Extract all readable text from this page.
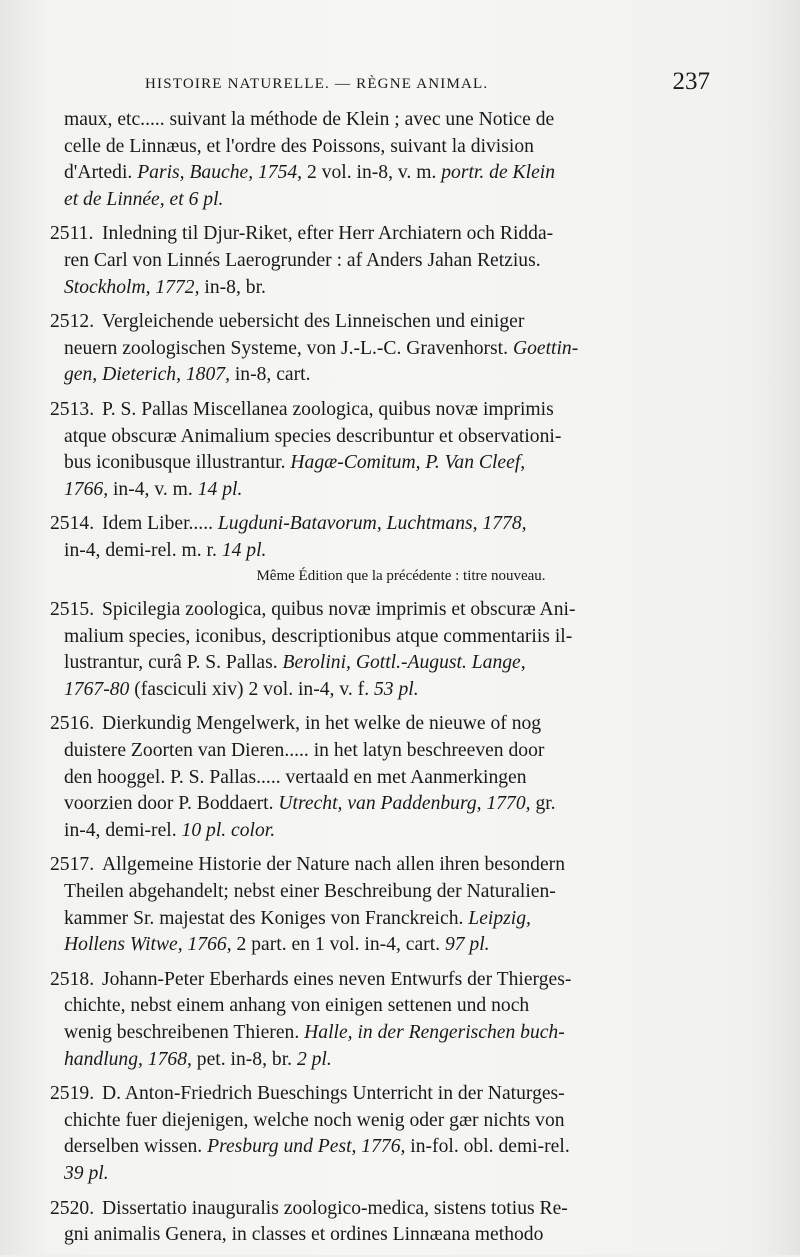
HISTOIRE NATURELLE. — RÈGNE ANIMAL.	237
maux, etc..... suivant la méthode de Klein ; avec une Notice de
celle de Linnæus, et l'ordre des Poissons, suivant la division
d'Artedi. Paris, Bauche, 1754, 2 vol. in-8, v. m. portr. de Klein
et de Linnée, et 6 pl.
2511. Inledning til Djur-Riket, efter Herr Archiatern och Ridda-
ren Carl von Linnés Laerogrunder : af Anders Jahan Retzius.
Stockholm, 1772, in-8, br.
2512. Vergleichende uebersicht des Linneischen und einiger
neuern zoologischen Systeme, von J.-L.-C. Gravenhorst. Goettin-
gen, Dieterich, 1807, in-8, cart.
2513. P. S. Pallas Miscellanea zoologica, quibus novæ imprimis
atque obscuræ Animalium species describuntur et observationi-
bus iconibusque illustrantur. Hagæ-Comitum, P. Van Cleef,
1766, in-4, v. m. 14 pl.
2514. Idem Liber..... Lugduni-Batavorum, Luchtmans, 1778,
in-4, demi-rel. m. r. 14 pl.
Même Édition que la précédente : titre nouveau.
2515. Spicilegia zoologica, quibus novæ imprimis et obscuræ Ani-
malium species, iconibus, descriptionibus atque commentariis il-
lustrantur, curâ P. S. Pallas. Berolini, Gottl.-August. Lange,
1767-80 (fasciculi xiv) 2 vol. in-4, v. f. 53 pl.
2516. Dierkundig Mengelwerk, in het welke de nieuwe of nog
duistere Zoorten van Dieren..... in het latyn beschreeven door
den hooggel. P. S. Pallas..... vertaald en met Aanmerkingen
voorzien door P. Boddaert. Utrecht, van Paddenburg, 1770, gr.
in-4, demi-rel. 10 pl. color.
2517. Allgemeine Historie der Nature nach allen ihren besondern
Theilen abgehandelt; nebst einer Beschreibung der Naturalien-
kammer Sr. majestat des Koniges von Franckreich. Leipzig,
Hollens Witwe, 1766, 2 part. en 1 vol. in-4, cart. 97 pl.
2518. Johann-Peter Eberhards eines neven Entwurfs der Thierges-
chichte, nebst einem anhang von einigen settenen und noch
wenig beschreibenen Thieren. Halle, in der Rengerischen buch-
handlung, 1768, pet. in-8, br. 2 pl.
2519. D. Anton-Friedrich Bueschings Unterricht in der Naturges-
chichte fuer diejenigen, welche noch wenig oder gær nichts von
derselben wissen. Presburg und Pest, 1776, in-fol. obl. demi-rel.
39 pl.
2520. Dissertatio inauguralis zoologico-medica, sistens totius Re-
gni animalis Genera, in classes et ordines Linnæana methodo
